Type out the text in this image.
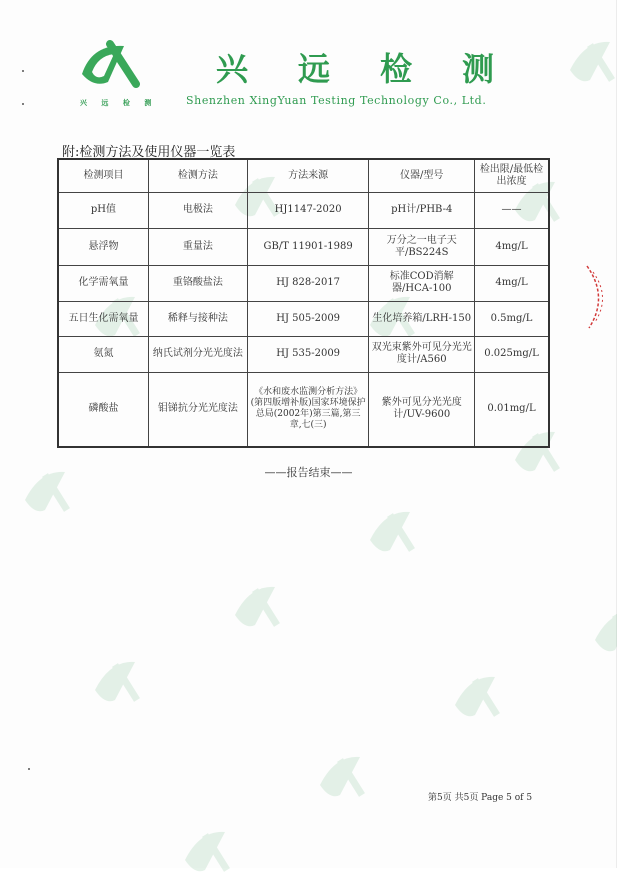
兴 远 检 测
兴远检测
Shenzhen XingYuan Testing Technology Co., Ltd.
附:检测方法及使用仪器一览表
检测项目	检测方法	方法来源	仪器/型号	检出限/最低检出浓度
pH值	电极法	HJ1147-2020	pH计/PHB-4	——
悬浮物	重量法	GB/T 11901-1989	万分之一电子天平/BS224S	4mg/L
化学需氧量	重铬酸盐法	HJ 828-2017	标准COD消解器/HCA-100	4mg/L
五日生化需氧量	稀释与接种法	HJ 505-2009	生化培养箱/LRH-150	0.5mg/L
氨氮	纳氏试剂分光光度法	HJ 535-2009	双光束紫外可见分光光度计/A560	0.025mg/L
磷酸盐	钼锑抗分光光度法	《水和废水监测分析方法》(第四版增补版)国家环境保护总局(2002年)第三篇,第三章,七(三)	紫外可见分光光度计/UV-9600	0.01mg/L
——报告结束——
第5页 共5页 Page 5 of 5
